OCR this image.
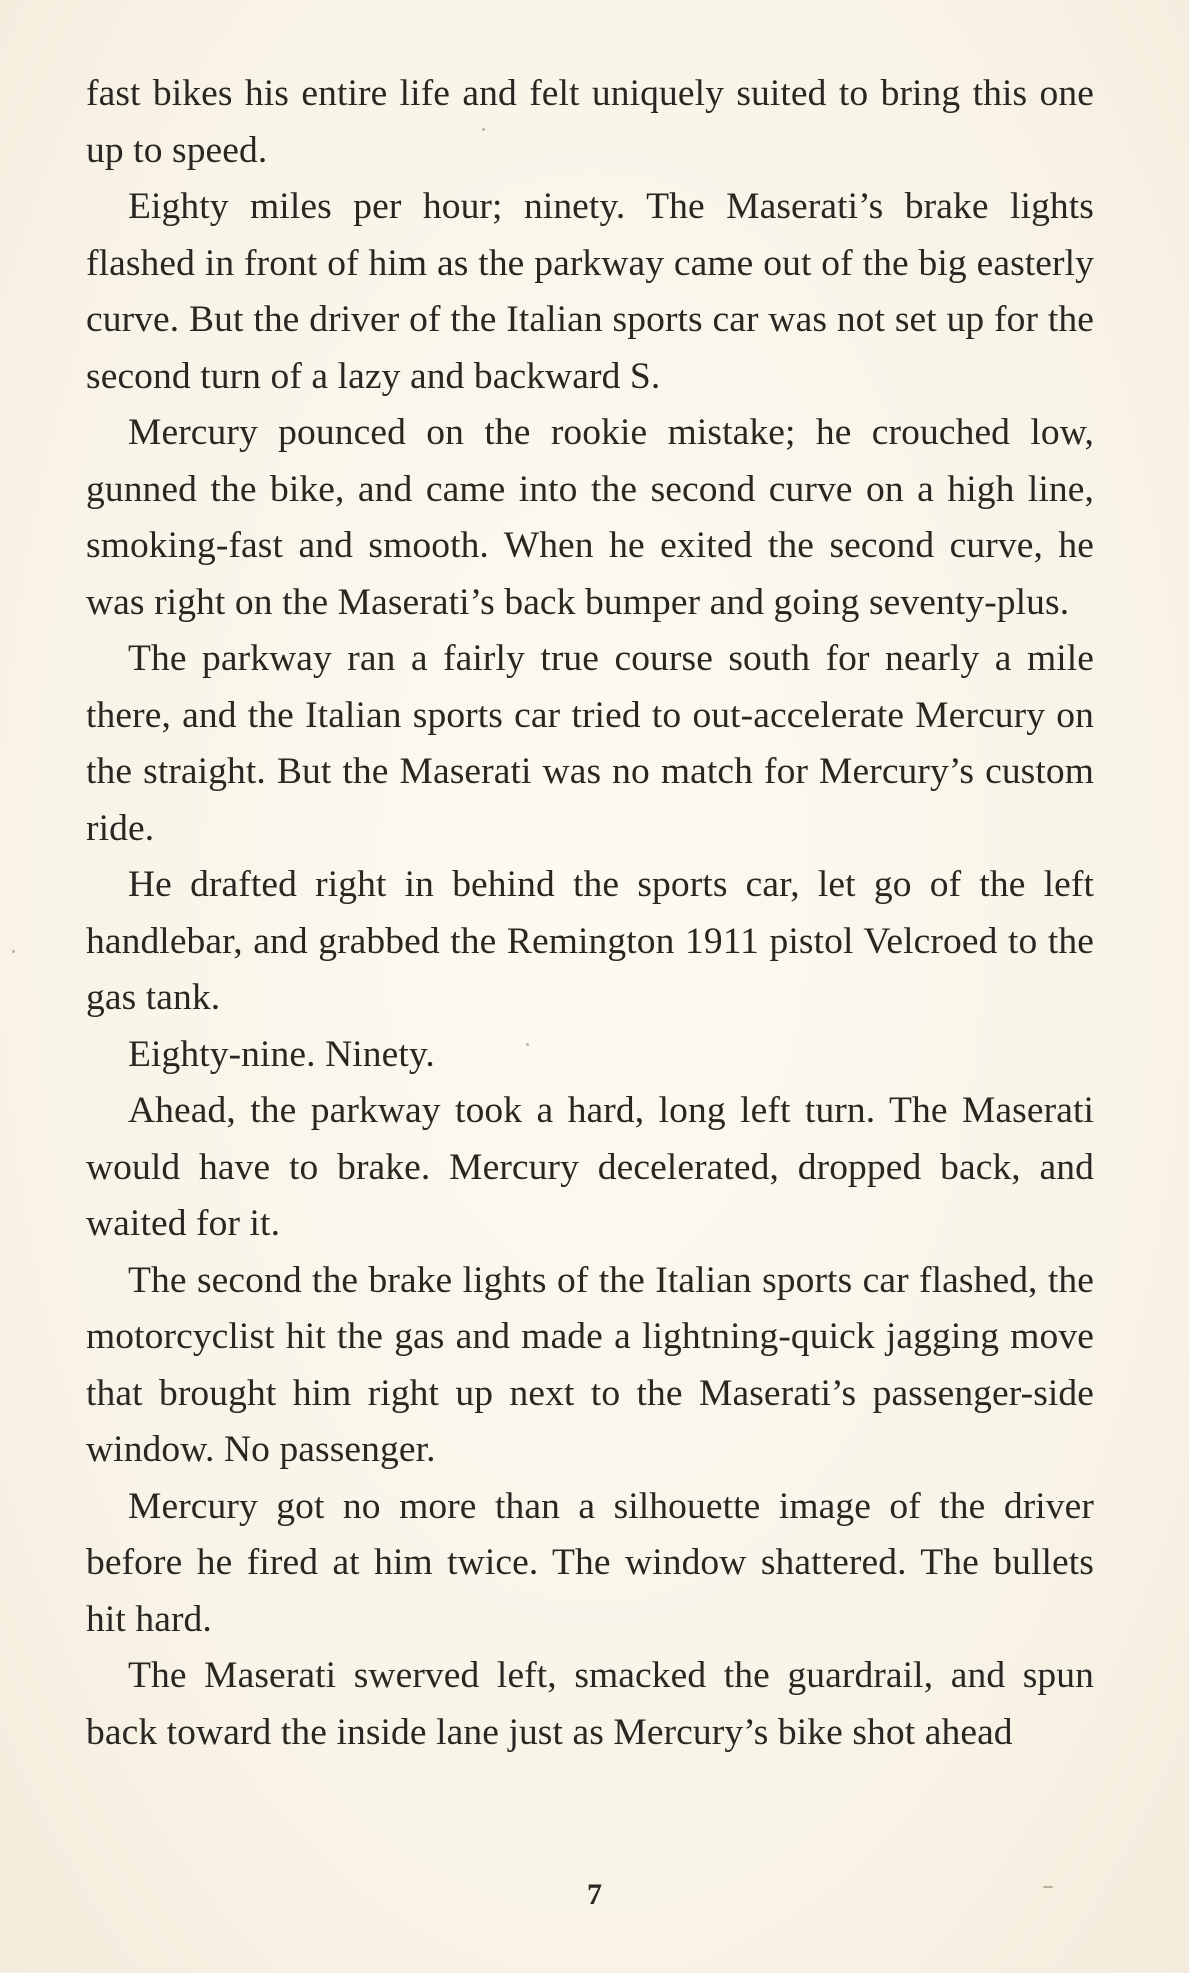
fast bikes his entire life and felt uniquely suited to bring this one up to speed.

Eighty miles per hour; ninety. The Maserati’s brake lights flashed in front of him as the parkway came out of the big easterly curve. But the driver of the Italian sports car was not set up for the second turn of a lazy and backward S.

Mercury pounced on the rookie mistake; he crouched low, gunned the bike, and came into the second curve on a high line, smoking-fast and smooth. When he exited the second curve, he was right on the Maserati’s back bumper and going seventy-plus.

The parkway ran a fairly true course south for nearly a mile there, and the Italian sports car tried to out-accelerate Mercury on the straight. But the Maserati was no match for Mercury’s custom ride.

He drafted right in behind the sports car, let go of the left handlebar, and grabbed the Remington 1911 pistol Velcroed to the gas tank.

Eighty-nine. Ninety.

Ahead, the parkway took a hard, long left turn. The Maserati would have to brake. Mercury decelerated, dropped back, and waited for it.

The second the brake lights of the Italian sports car flashed, the motorcyclist hit the gas and made a lightning-quick jagging move that brought him right up next to the Maserati’s passenger-side window. No passenger.

Mercury got no more than a silhouette image of the driver before he fired at him twice. The window shattered. The bullets hit hard.

The Maserati swerved left, smacked the guardrail, and spun back toward the inside lane just as Mercury’s bike shot ahead

7
